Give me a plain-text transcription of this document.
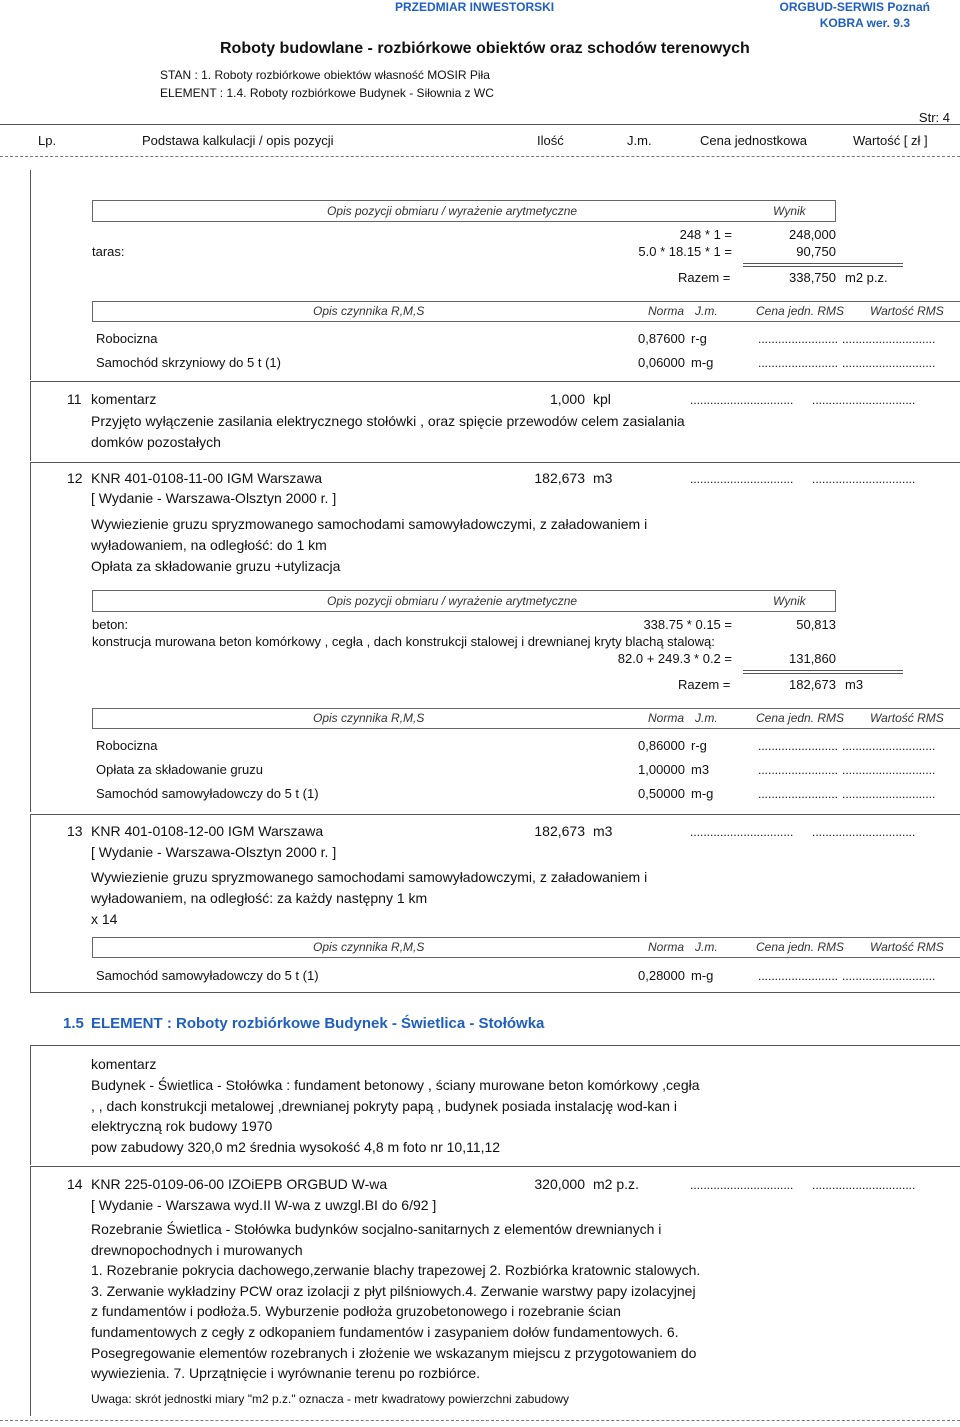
PRZEDMIAR INWESTORSKI	ORGBUD-SERWIS Poznań
KOBRA wer. 9.3
Roboty budowlane - rozbiórkowe obiektów oraz schodów terenowych
STAN : 1. Roboty rozbiórkowe obiektów własność MOSIR Piła
ELEMENT : 1.4. Roboty rozbiórkowe Budynek - Siłownia z WC
Str: 4
Lp.	Podstawa kalkulacji / opis pozycji	Ilość	J.m.	Cena jednostkowa	Wartość [ zł ]
Opis pozycji obmiaru / wyrażenie arytmetyczne	Wynik
248 * 1 =	248,000
taras:	5.0 * 18.15 * 1 =	90,750
Razem =	338,750 m2 p.z.
Opis czynnika R,M,S	Norma J.m.	Cena jedn. RMS Wartość RMS
Robocizna	0,87600 r-g	........................ ............................
Samochód skrzyniowy do 5 t (1)	0,06000 m-g	........................ ............................
11 komentarz	1,000 kpl	............................... ...............................
Przyjęto wyłączenie zasilania elektrycznego stołówki , oraz spięcie przewodów celem zasialania
domków pozostałych
12 KNR 401-0108-11-00 IGM Warszawa	182,673 m3	............................... ...............................
[ Wydanie - Warszawa-Olsztyn 2000 r. ]
Wywiezienie gruzu spryzmowanego samochodami samowyładowczymi, z załadowaniem i
wyładowaniem, na odległość: do 1 km
Opłata za składowanie gruzu +utylizacja
Opis pozycji obmiaru / wyrażenie arytmetyczne	Wynik
beton:	338.75 * 0.15 =	50,813
konstrucja murowana beton komórkowy , cegła , dach konstrukcji stalowej i drewnianej kryty blachą stalową:
82.0 + 249.3 * 0.2 =	131,860
Razem =	182,673 m3
Opis czynnika R,M,S	Norma J.m.	Cena jedn. RMS Wartość RMS
Robocizna	0,86000 r-g	........................ ............................
Opłata za składowanie gruzu	1,00000 m3	........................ ............................
Samochód samowyładowczy do 5 t (1)	0,50000 m-g	........................ ............................
13 KNR 401-0108-12-00 IGM Warszawa	182,673 m3	............................... ...............................
[ Wydanie - Warszawa-Olsztyn 2000 r. ]
Wywiezienie gruzu spryzmowanego samochodami samowyładowczymi, z załadowaniem i
wyładowaniem, na odległość: za każdy następny 1 km
x 14
Opis czynnika R,M,S	Norma J.m.	Cena jedn. RMS Wartość RMS
Samochód samowyładowczy do 5 t (1)	0,28000 m-g	........................ ............................
1.5 ELEMENT : Roboty rozbiórkowe Budynek - Świetlica - Stołówka
komentarz
Budynek - Świetlica - Stołówka : fundament betonowy , ściany murowane beton komórkowy ,cegła
, , dach konstrukcji metalowej ,drewnianej pokryty papą , budynek posiada instalację wod-kan i
elektryczną rok budowy 1970
pow zabudowy 320,0 m2 średnia wysokość 4,8 m foto nr 10,11,12
14 KNR 225-0109-06-00 IZOiEPB ORGBUD W-wa	320,000 m2 p.z.	............................... ...............................
[ Wydanie - Warszawa wyd.II W-wa z uwzgl.BI do 6/92 ]
Rozebranie Świetlica - Stołówka budynków socjalno-sanitarnych z elementów drewnianych i
drewnopochodnych i murowanych
1. Rozebranie pokrycia dachowego,zerwanie blachy trapezowej 2. Rozbiórka kratownic stalowych.
3. Zerwanie wykładziny PCW oraz izolacji z płyt pilśniowych.4. Zerwanie warstwy papy izolacyjnej
z fundamentów i podłoża.5. Wyburzenie podłoża gruzobetonowego i rozebranie ścian
fundamentowych z cegły z odkopaniem fundamentów i zasypaniem dołów fundamentowych. 6.
Posegregowanie elementów rozebranych i złożenie we wskazanym miejscu z przygotowaniem do
wywiezienia. 7. Uprzątnięcie i wyrównanie terenu po rozbiórce.
Uwaga: skrót jednostki miary "m2 p.z." oznacza - metr kwadratowy powierzchni zabudowy
